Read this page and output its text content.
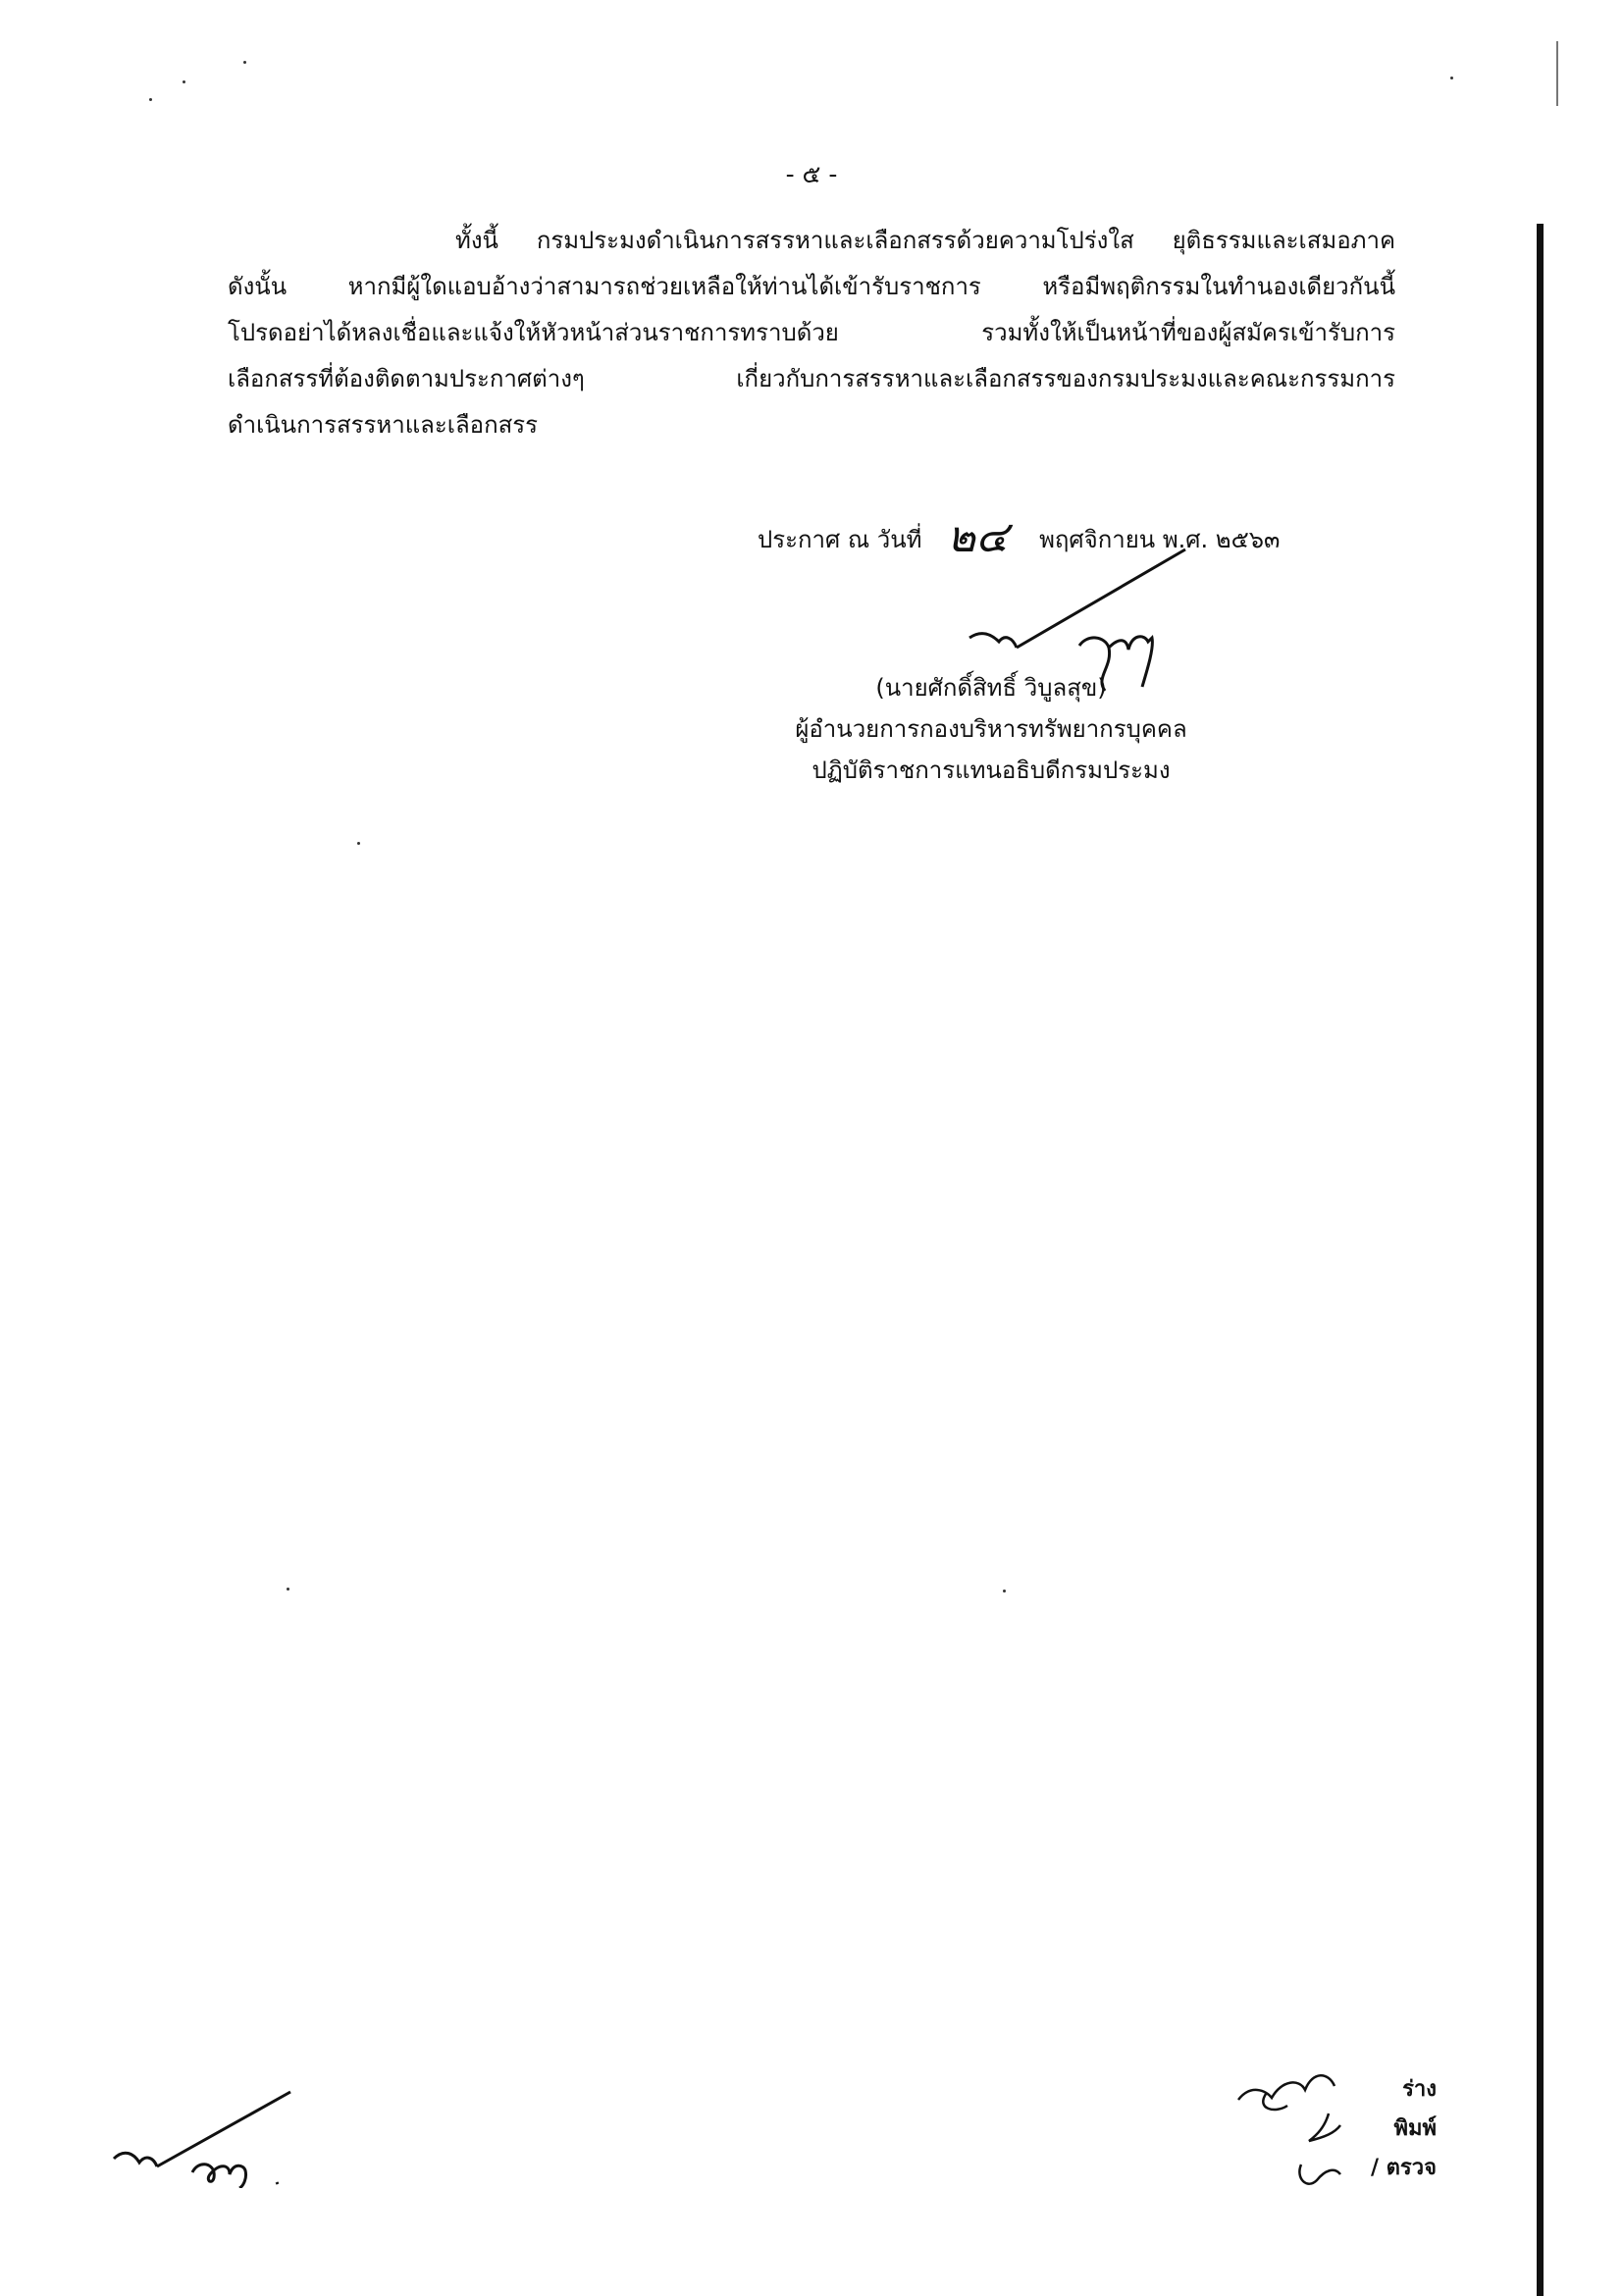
- ๕ -
ทั้งนี้ กรมประมงดำเนินการสรรหาและเลือกสรรด้วยความโปร่งใส ยุติธรรมและเสมอภาค
ดังนั้น หากมีผู้ใดแอบอ้างว่าสามารถช่วยเหลือให้ท่านได้เข้ารับราชการ หรือมีพฤติกรรมในทำนองเดียวกันนี้
โปรดอย่าได้หลงเชื่อและแจ้งให้หัวหน้าส่วนราชการทราบด้วย รวมทั้งให้เป็นหน้าที่ของผู้สมัครเข้ารับการ
เลือกสรรที่ต้องติดตามประกาศต่างๆ เกี่ยวกับการสรรหาและเลือกสรรของกรมประมงและคณะกรรมการ
ดำเนินการสรรหาและเลือกสรร
ประกาศ ณ วันที่ ๒๔ พฤศจิกายน พ.ศ. ๒๕๖๓
(นายศักดิ์สิทธิ์ วิบูลสุข)
ผู้อำนวยการกองบริหารทรัพยากรบุคคล
ปฏิบัติราชการแทนอธิบดีกรมประมง
ร่าง
พิมพ์
/ ตรวจ
